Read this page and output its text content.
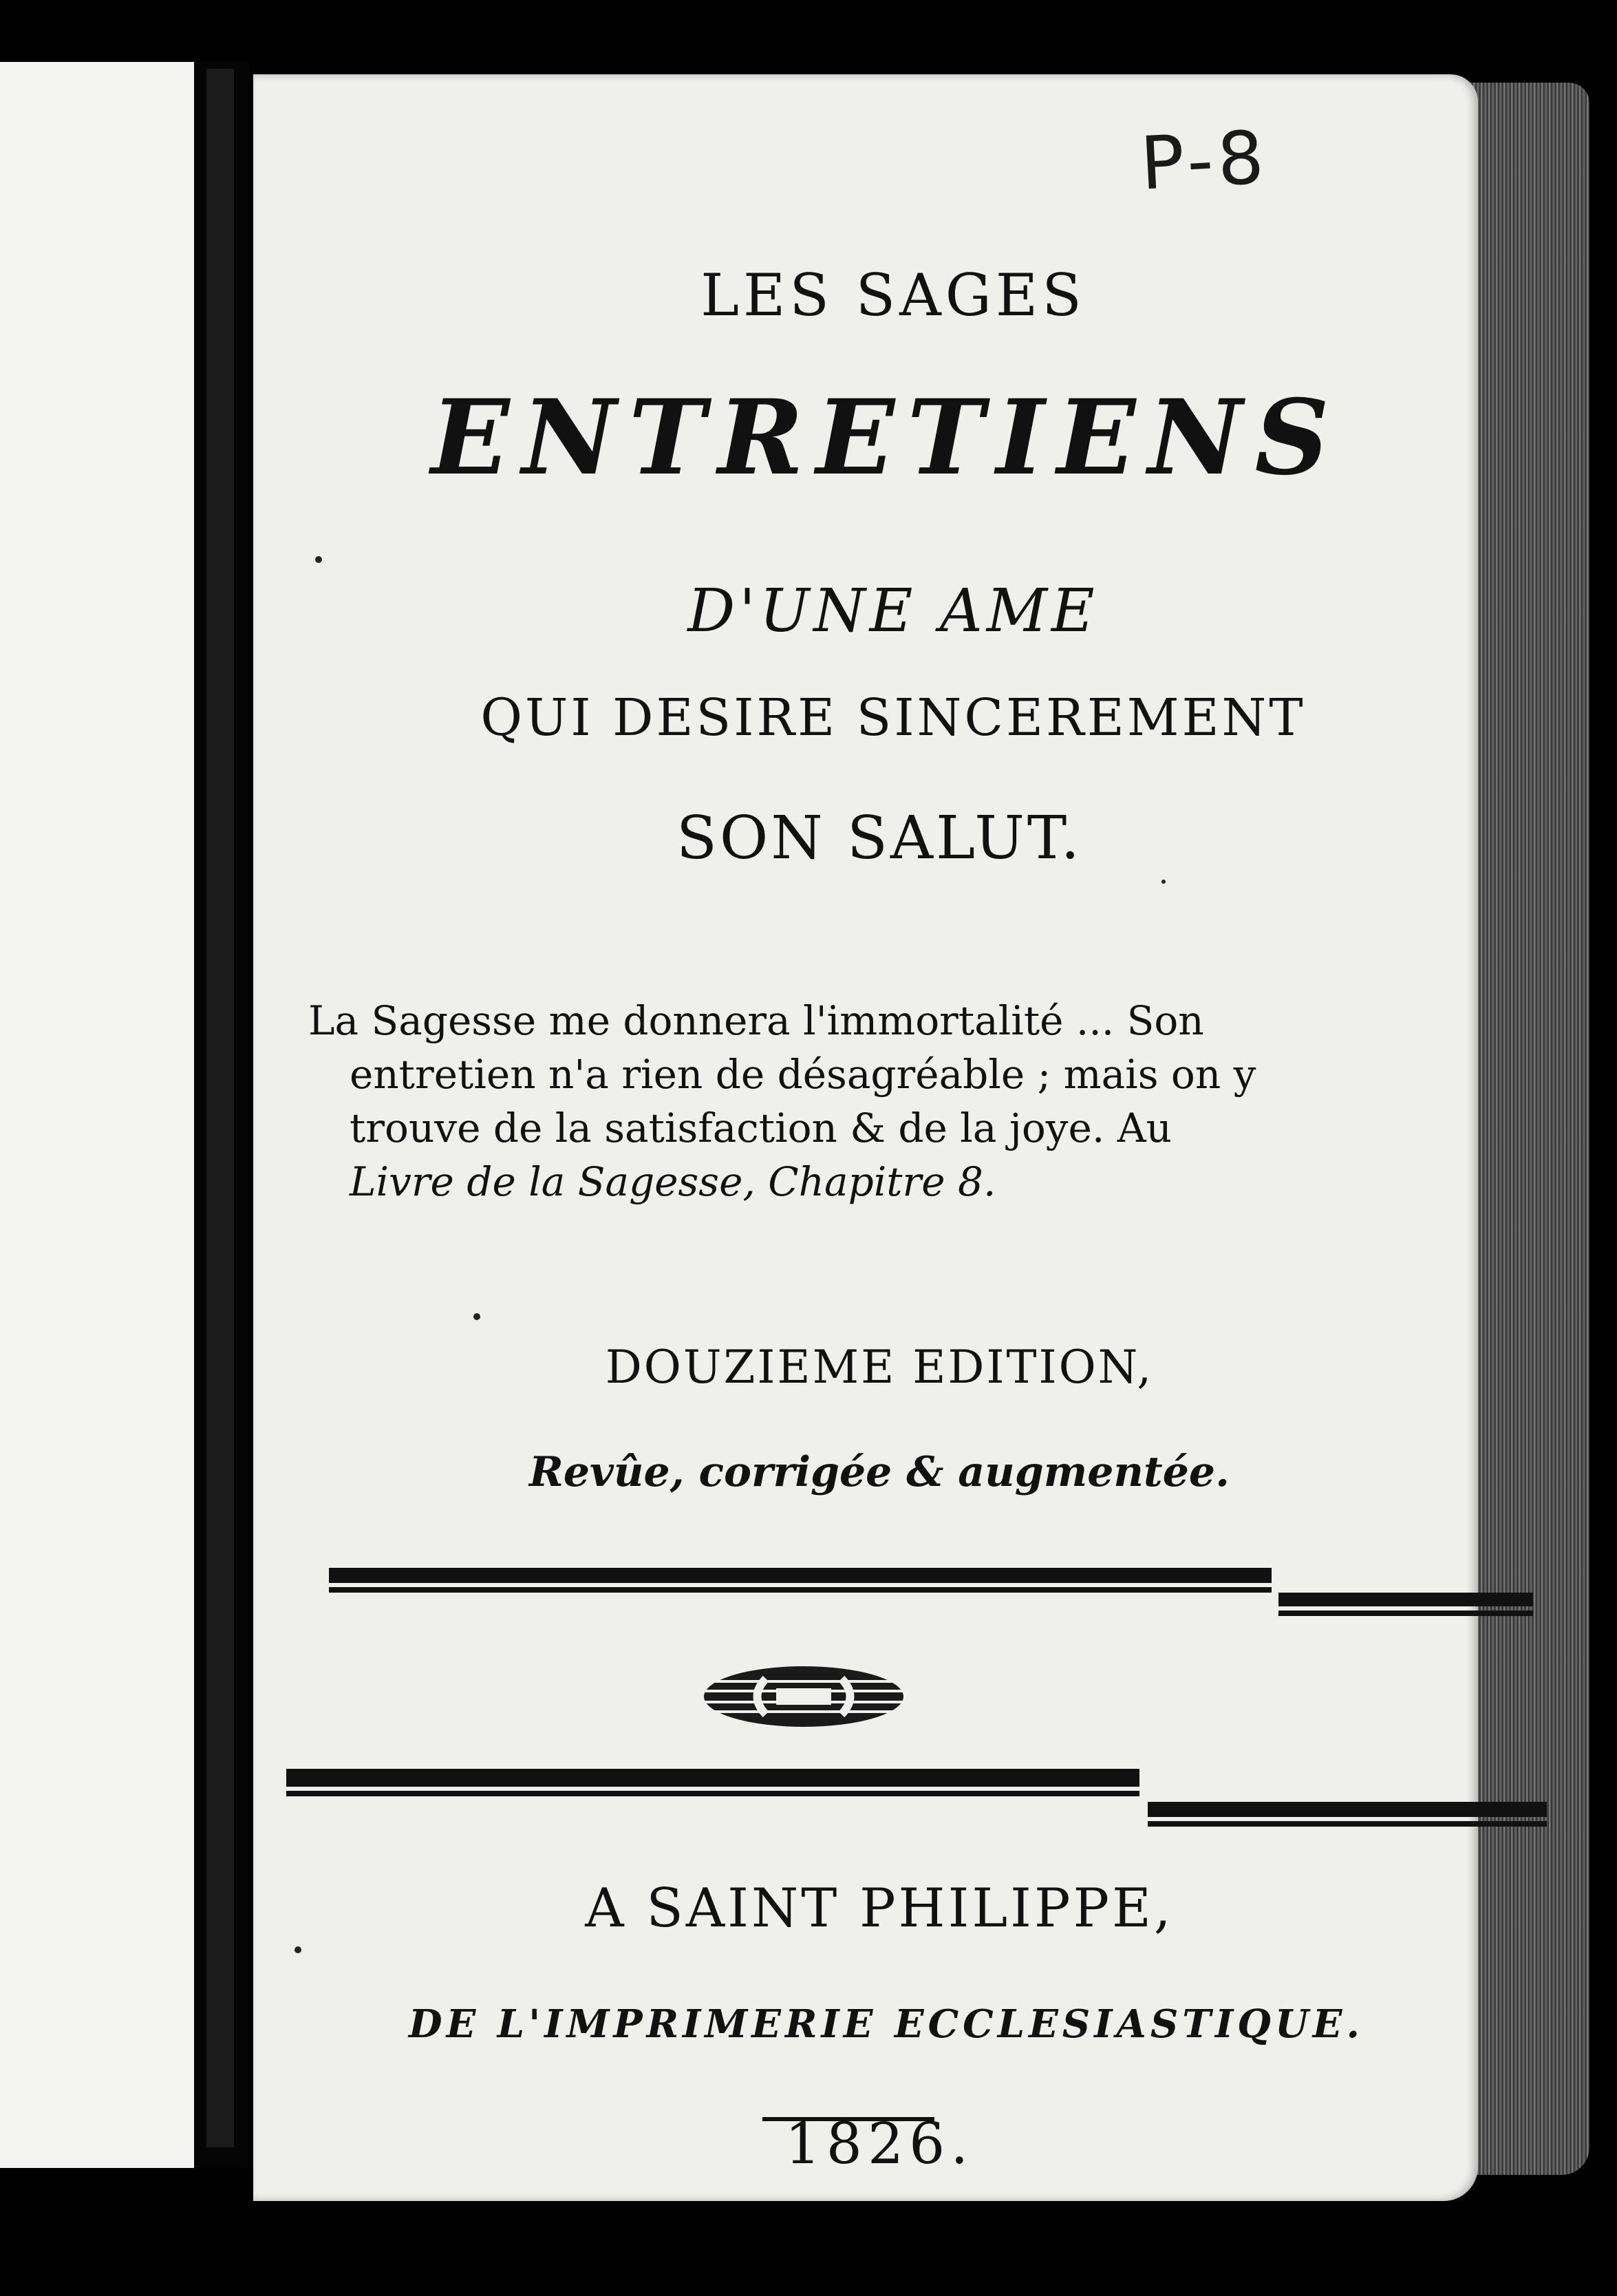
P-8
LES SAGES
ENTRETIENS
D'UNE AME
QUI DESIRE SINCEREMENT
SON SALUT.
La Sagesse me donnera l'immortalité ... Son
entretien n'a rien de désagréable ; mais on y
trouve de la satisfaction & de la joye. Au
Livre de la Sagesse, Chapitre 8.
DOUZIEME EDITION,
Revûe, corrigée & augmentée.
A SAINT PHILIPPE,
DE L'IMPRIMERIE ECCLESIASTIQUE.
1826.
